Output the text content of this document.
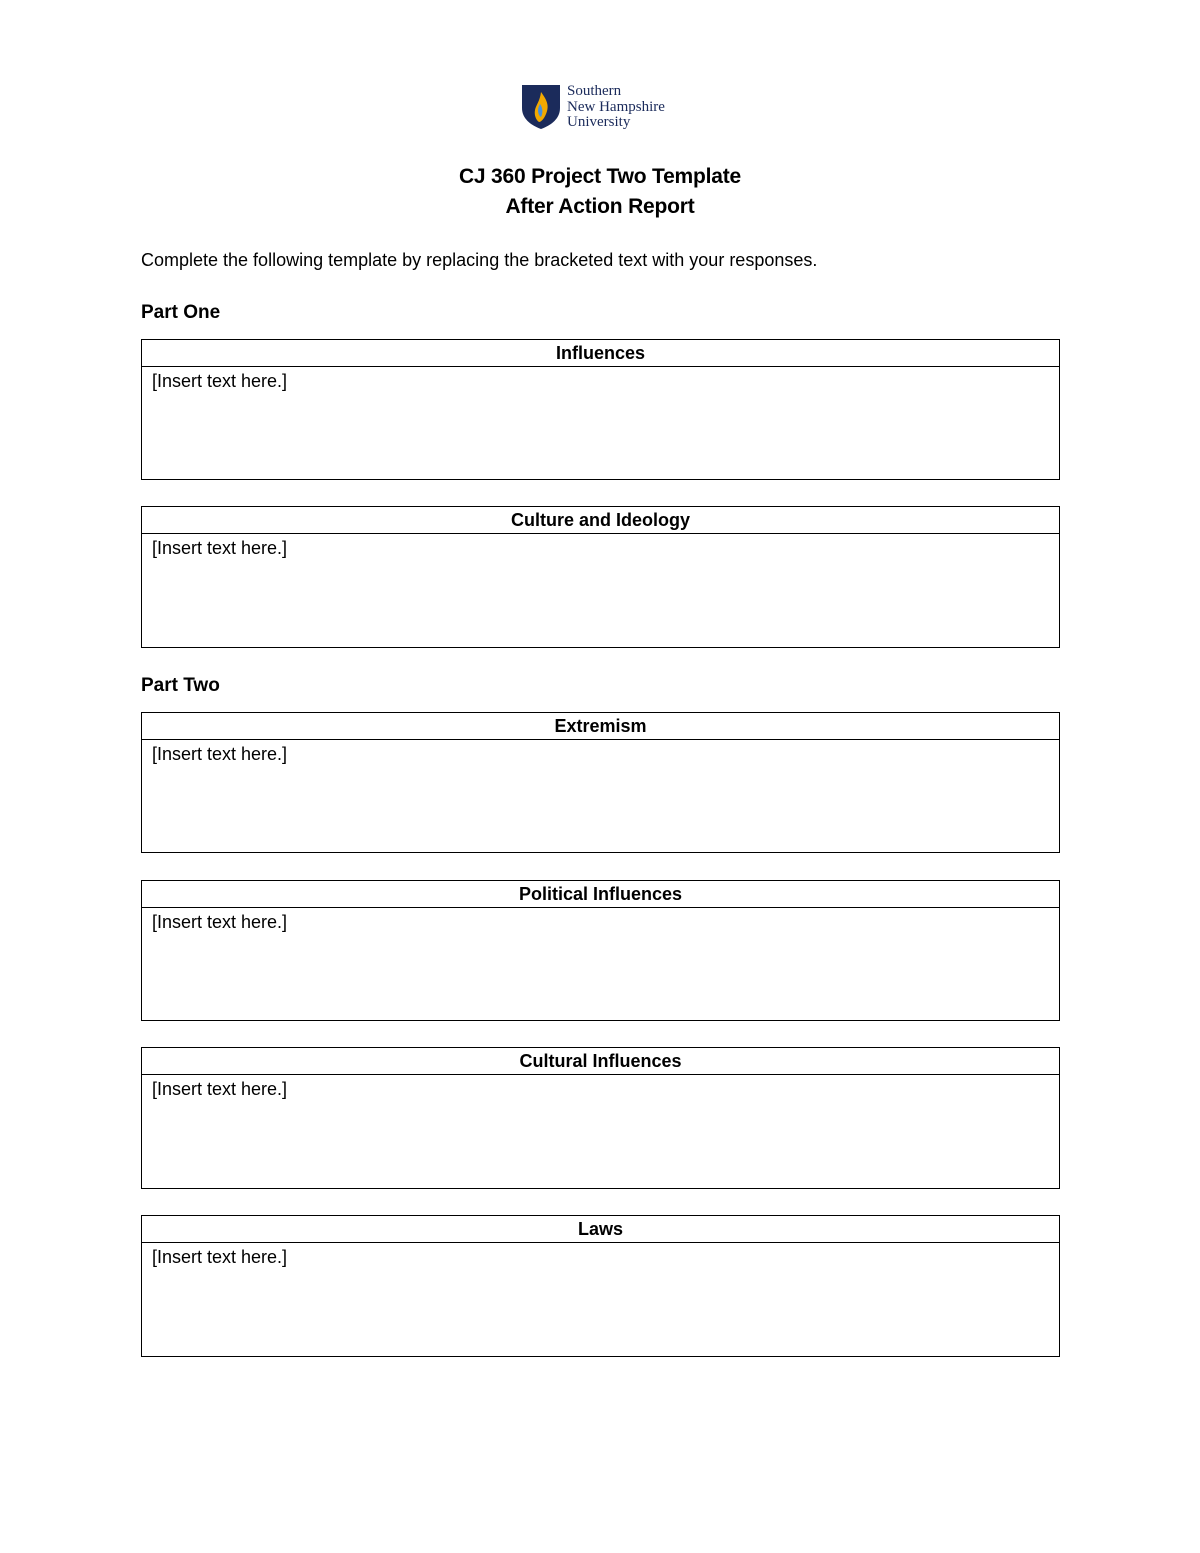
Southern
New Hampshire
University
CJ 360 Project Two Template
After Action Report
Complete the following template by replacing the bracketed text with your responses.
Part One
Influences
[Insert text here.]
Culture and Ideology
[Insert text here.]
Part Two
Extremism
[Insert text here.]
Political Influences
[Insert text here.]
Cultural Influences
[Insert text here.]
Laws
[Insert text here.]
